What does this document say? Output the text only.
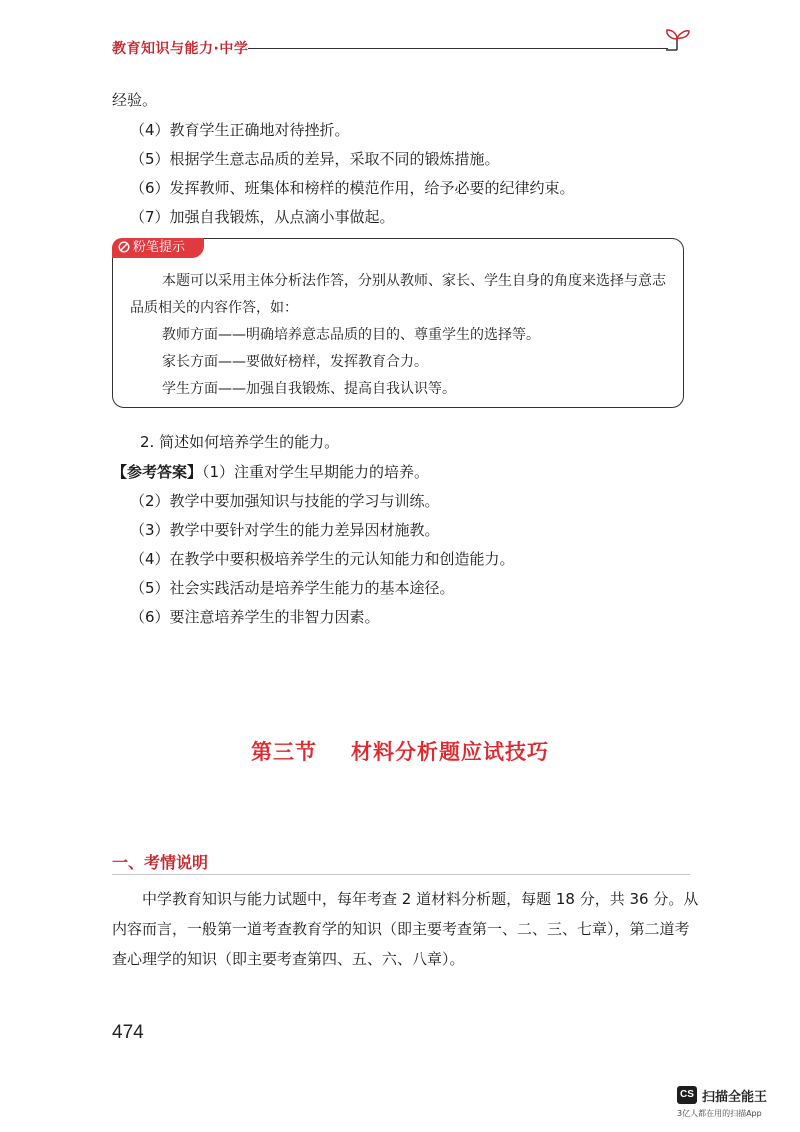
教育知识与能力·中学
经验。
（4）教育学生正确地对待挫折。
（5）根据学生意志品质的差异，采取不同的锻炼措施。
（6）发挥教师、班集体和榜样的模范作用，给予必要的纪律约束。
（7）加强自我锻炼，从点滴小事做起。
粉笔提示
本题可以采用主体分析法作答，分别从教师、家长、学生自身的角度来选择与意志
品质相关的内容作答，如：
教师方面——明确培养意志品质的目的、尊重学生的选择等。
家长方面——要做好榜样，发挥教育合力。
学生方面——加强自我锻炼、提高自我认识等。
2. 简述如何培养学生的能力。
【参考答案】（1）注重对学生早期能力的培养。
（2）教学中要加强知识与技能的学习与训练。
（3）教学中要针对学生的能力差异因材施教。
（4）在教学中要积极培养学生的元认知能力和创造能力。
（5）社会实践活动是培养学生能力的基本途径。
（6）要注意培养学生的非智力因素。
第三节 材料分析题应试技巧
一、考情说明
中学教育知识与能力试题中，每年考查 2 道材料分析题，每题 18 分，共 36 分。从
内容而言，一般第一道考查教育学的知识（即主要考查第一、二、三、七章），第二道考
查心理学的知识（即主要考查第四、五、六、八章）。
474
CS 扫描全能王
3亿人都在用的扫描App
